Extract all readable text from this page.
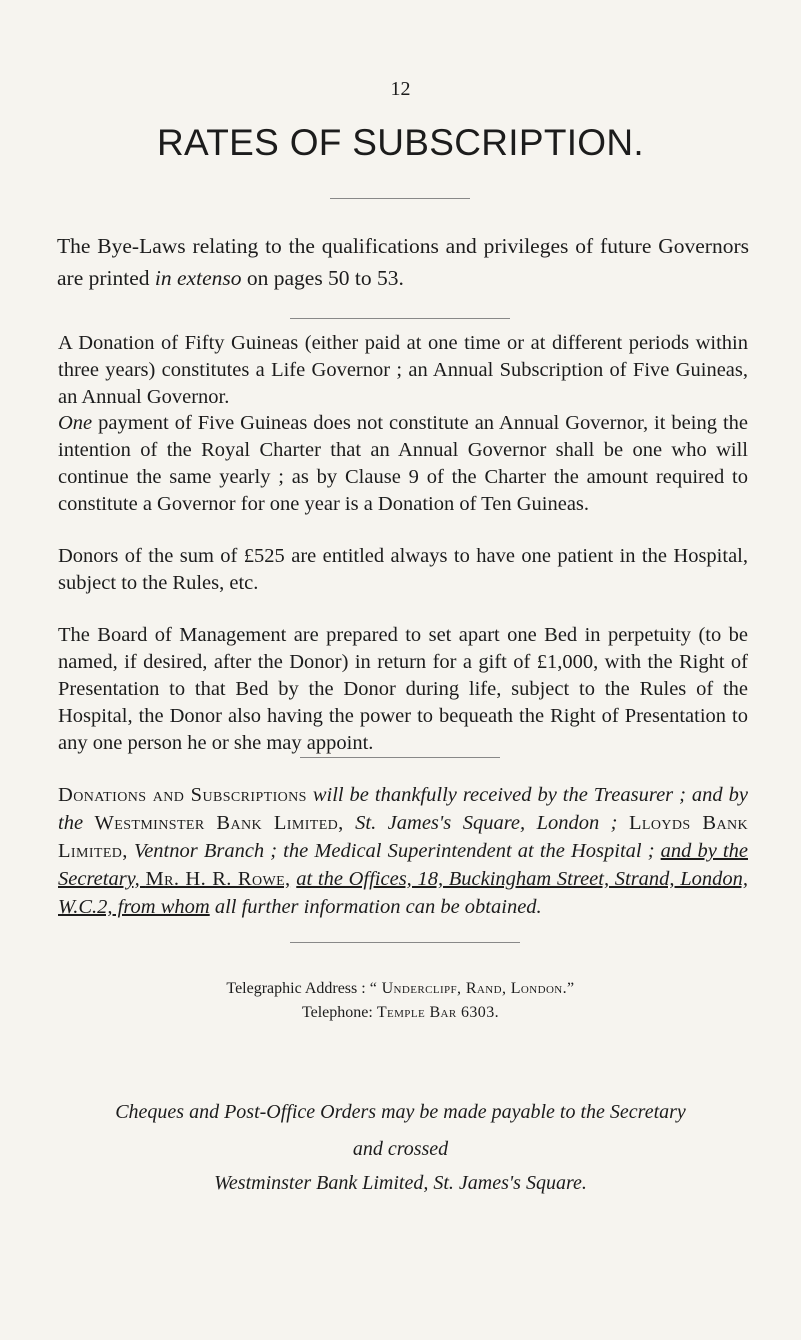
12
RATES OF SUBSCRIPTION.
The Bye-Laws relating to the qualifications and privileges of future Governors are printed in extenso on pages 50 to 53.
A Donation of Fifty Guineas (either paid at one time or at different periods within three years) constitutes a Life Governor ; an Annual Subscription of Five Guineas, an Annual Governor.
One payment of Five Guineas does not constitute an Annual Governor, it being the intention of the Royal Charter that an Annual Governor shall be one who will continue the same yearly ; as by Clause 9 of the Charter the amount required to constitute a Governor for one year is a Donation of Ten Guineas.
Donors of the sum of £525 are entitled always to have one patient in the Hospital, subject to the Rules, etc.
The Board of Management are prepared to set apart one Bed in perpetuity (to be named, if desired, after the Donor) in return for a gift of £1,000, with the Right of Presentation to that Bed by the Donor during life, subject to the Rules of the Hospital, the Donor also having the power to bequeath the Right of Presentation to any one person he or she may appoint.
Donations and Subscriptions will be thankfully received by the Treasurer ; and by the Westminster Bank Limited, St. James's Square, London ; Lloyds Bank Limited, Ventnor Branch ; the Medical Superintendent at the Hospital ; and by the Secretary, Mr. H. R. Rowe, at the Offices, 18, Buckingham Street, Strand, London, W.C.2, from whom all further information can be obtained.
Telegraphic Address : “ Underclipf, Rand, London.”
Telephone: Temple Bar 6303.
Cheques and Post-Office Orders may be made payable to the Secretary
and crossed
Westminster Bank Limited, St. James's Square.
